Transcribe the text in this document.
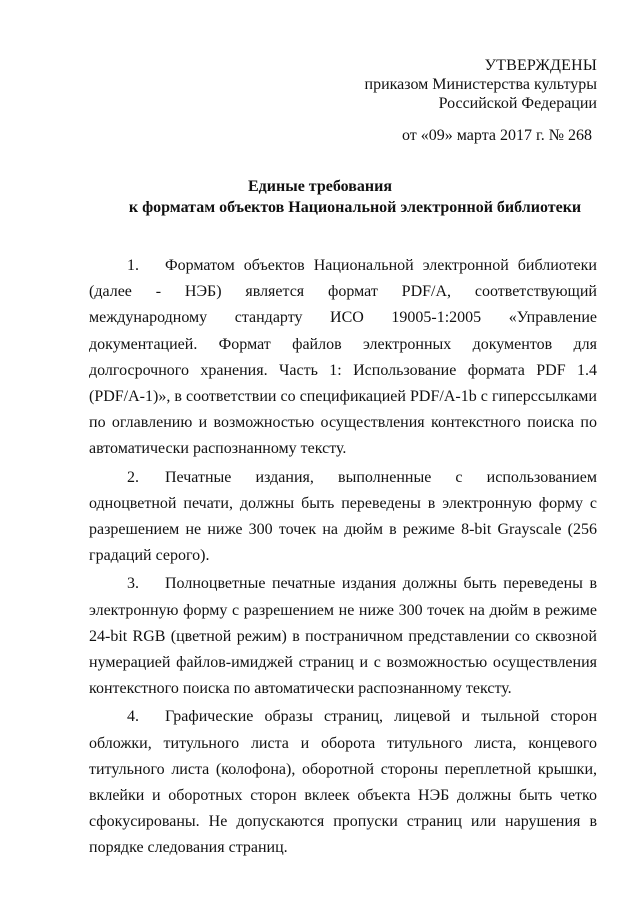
УТВЕРЖДЕНЫ
приказом Министерства культуры
Российской Федерации
от «09» марта 2017 г. № 268
Единые требования
к форматам объектов Национальной электронной библиотеки

1. Форматом объектов Национальной электронной библиотеки (далее - НЭБ) является формат PDF/A, соответствующий международному стандарту ИСО 19005-1:2005 «Управление документацией. Формат файлов электронных документов для долгосрочного хранения. Часть 1: Использование формата PDF 1.4 (PDF/A-1)», в соответствии со спецификацией PDF/A-1b с гиперссылками по оглавлению и возможностью осуществления контекстного поиска по автоматически распознанному тексту.

2. Печатные издания, выполненные с использованием одноцветной печати, должны быть переведены в электронную форму с разрешением не ниже 300 точек на дюйм в режиме 8-bit Grayscale (256 градаций серого).

3. Полноцветные печатные издания должны быть переведены в электронную форму с разрешением не ниже 300 точек на дюйм в режиме 24-bit RGB (цветной режим) в постраничном представлении со сквозной нумерацией файлов-имиджей страниц и с возможностью осуществления контекстного поиска по автоматически распознанному тексту.

4. Графические образы страниц, лицевой и тыльной сторон обложки, титульного листа и оборота титульного листа, концевого титульного листа (колофона), оборотной стороны переплетной крышки, вклейки и оборотных сторон вклеек объекта НЭБ должны быть четко сфокусированы. Не допускаются пропуски страниц или нарушения в порядке следования страниц.
